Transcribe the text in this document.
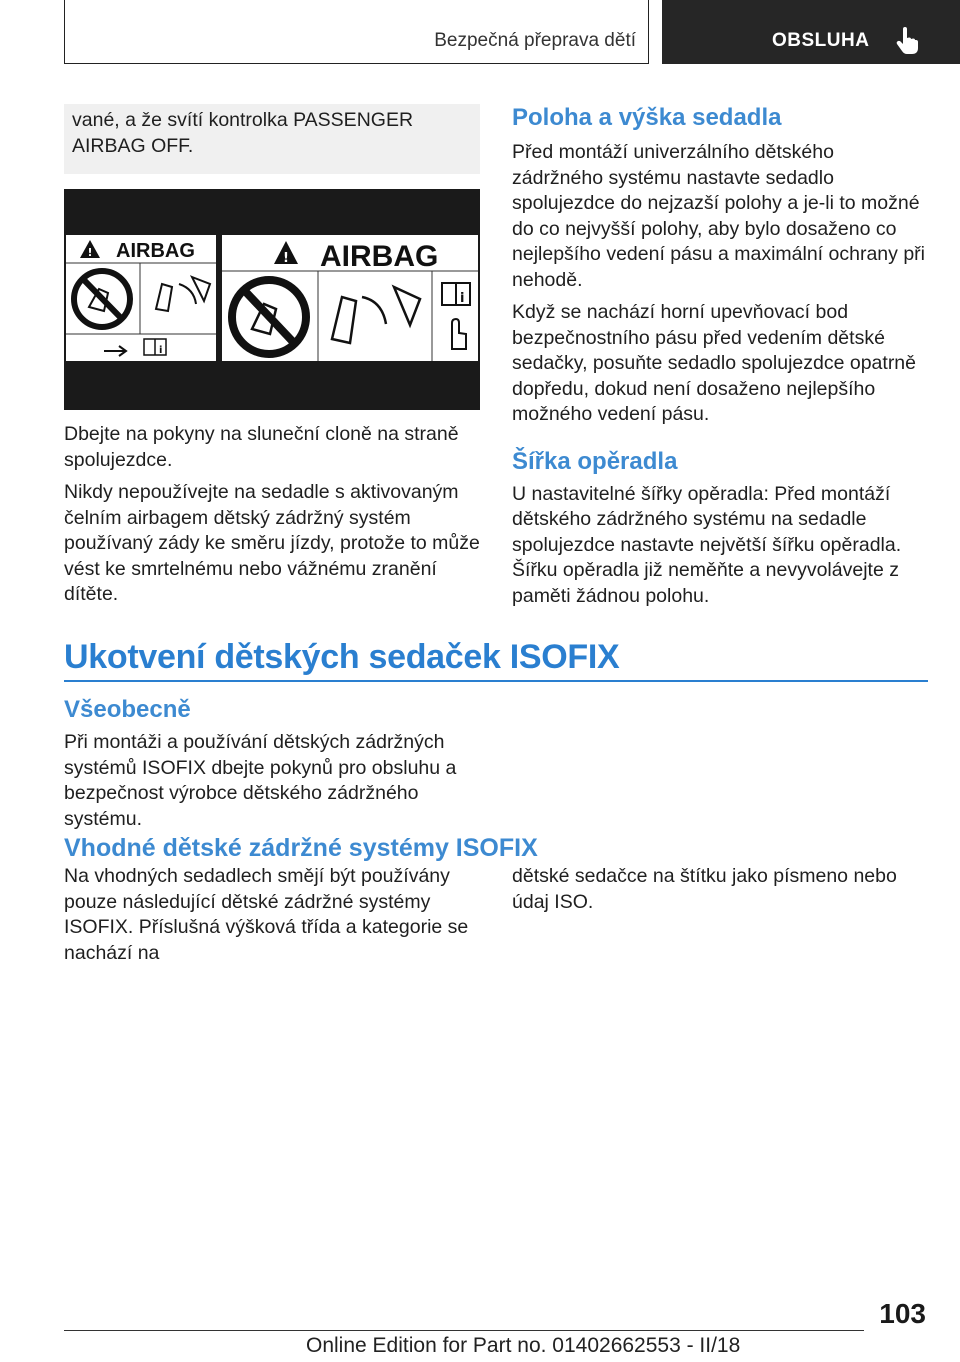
Bezpečná přeprava dětí	OBSLUHA

vané, a že svítí kontrolka PASSENGER AIRBAG OFF.

! AIRBAG
i
! AIRBAG
i

Dbejte na pokyny na sluneční cloně na straně spolujezdce.

Nikdy nepoužívejte na sedadle s aktivovaným čelním airbagem dětský zádržný systém používaný zády ke směru jízdy, protože to může vést ke smrtelnému nebo vážnému zranění dítěte.

Poloha a výška sedadla

Před montáží univerzálního dětského zádržného systému nastavte sedadlo spolujezdce do nejzazší polohy a je-li to možné do co nejvyšší polohy, aby bylo dosaženo co nejlepšího vedení pásu a maximální ochrany při nehodě.

Když se nachází horní upevňovací bod bezpečnostního pásu před vedením dětské sedačky, posuňte sedadlo spolujezdce opatrně dopředu, dokud není dosaženo nejlepšího možného vedení pásu.

Šířka opěradla

U nastavitelné šířky opěradla: Před montáží dětského zádržného systému na sedadle spolujezdce nastavte největší šířku opěradla. Šířku opěradla již neměňte a nevyvolávejte z paměti žádnou polohu.

Ukotvení dětských sedaček ISOFIX
Všeobecně

Při montáži a používání dětských zádržných systémů ISOFIX dbejte pokynů pro obsluhu a bezpečnost výrobce dětského zádržného systému.

Vhodné dětské zádržné systémy ISOFIX

Na vhodných sedadlech smějí být používány pouze následující dětské zádržné systémy ISOFIX. Příslušná výšková třída a kategorie se nachází na

dětské sedačce na štítku jako písmeno nebo údaj ISO.

103
Online Edition for Part no. 01402662553 - II/18
